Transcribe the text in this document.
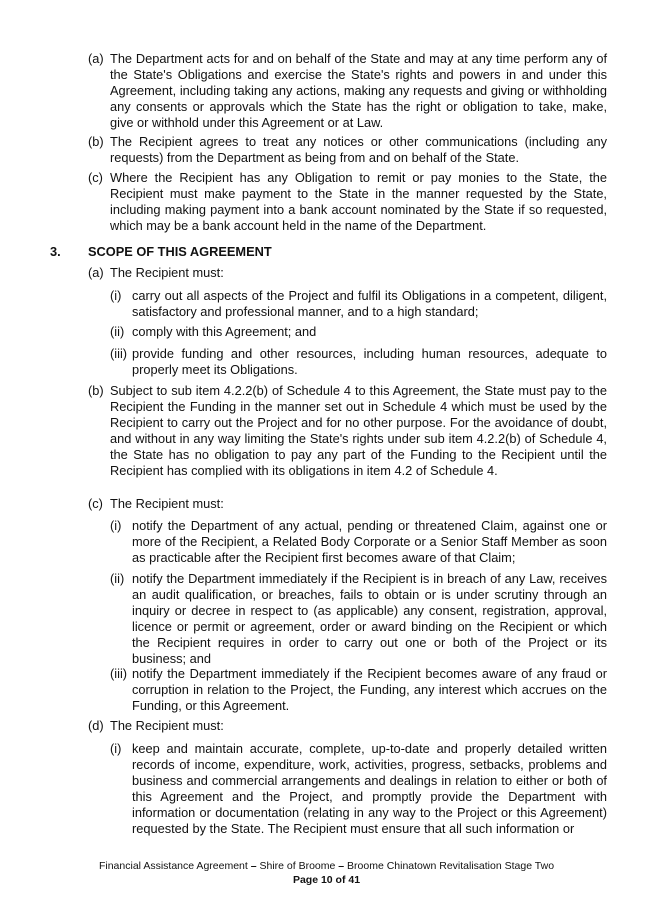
(a) The Department acts for and on behalf of the State and may at any time perform any of the State's Obligations and exercise the State's rights and powers in and under this Agreement, including taking any actions, making any requests and giving or withholding any consents or approvals which the State has the right or obligation to take, make, give or withhold under this Agreement or at Law.
(b) The Recipient agrees to treat any notices or other communications (including any requests) from the Department as being from and on behalf of the State.
(c) Where the Recipient has any Obligation to remit or pay monies to the State, the Recipient must make payment to the State in the manner requested by the State, including making payment into a bank account nominated by the State if so requested, which may be a bank account held in the name of the Department.
3. SCOPE OF THIS AGREEMENT
(a) The Recipient must:
(i) carry out all aspects of the Project and fulfil its Obligations in a competent, diligent, satisfactory and professional manner, and to a high standard;
(ii) comply with this Agreement; and
(iii) provide funding and other resources, including human resources, adequate to properly meet its Obligations.
(b) Subject to sub item 4.2.2(b) of Schedule 4 to this Agreement, the State must pay to the Recipient the Funding in the manner set out in Schedule 4 which must be used by the Recipient to carry out the Project and for no other purpose. For the avoidance of doubt, and without in any way limiting the State's rights under sub item 4.2.2(b) of Schedule 4, the State has no obligation to pay any part of the Funding to the Recipient until the Recipient has complied with its obligations in item 4.2 of Schedule 4.
(c) The Recipient must:
(i) notify the Department of any actual, pending or threatened Claim, against one or more of the Recipient, a Related Body Corporate or a Senior Staff Member as soon as practicable after the Recipient first becomes aware of that Claim;
(ii) notify the Department immediately if the Recipient is in breach of any Law, receives an audit qualification, or breaches, fails to obtain or is under scrutiny through an inquiry or decree in respect to (as applicable) any consent, registration, approval, licence or permit or agreement, order or award binding on the Recipient or which the Recipient requires in order to carry out one or both of the Project or its business; and
(iii) notify the Department immediately if the Recipient becomes aware of any fraud or corruption in relation to the Project, the Funding, any interest which accrues on the Funding, or this Agreement.
(d) The Recipient must:
(i) keep and maintain accurate, complete, up-to-date and properly detailed written records of income, expenditure, work, activities, progress, setbacks, problems and business and commercial arrangements and dealings in relation to either or both of this Agreement and the Project, and promptly provide the Department with information or documentation (relating in any way to the Project or this Agreement) requested by the State. The Recipient must ensure that all such information or
Financial Assistance Agreement – Shire of Broome – Broome Chinatown Revitalisation Stage Two
Page 10 of 41
